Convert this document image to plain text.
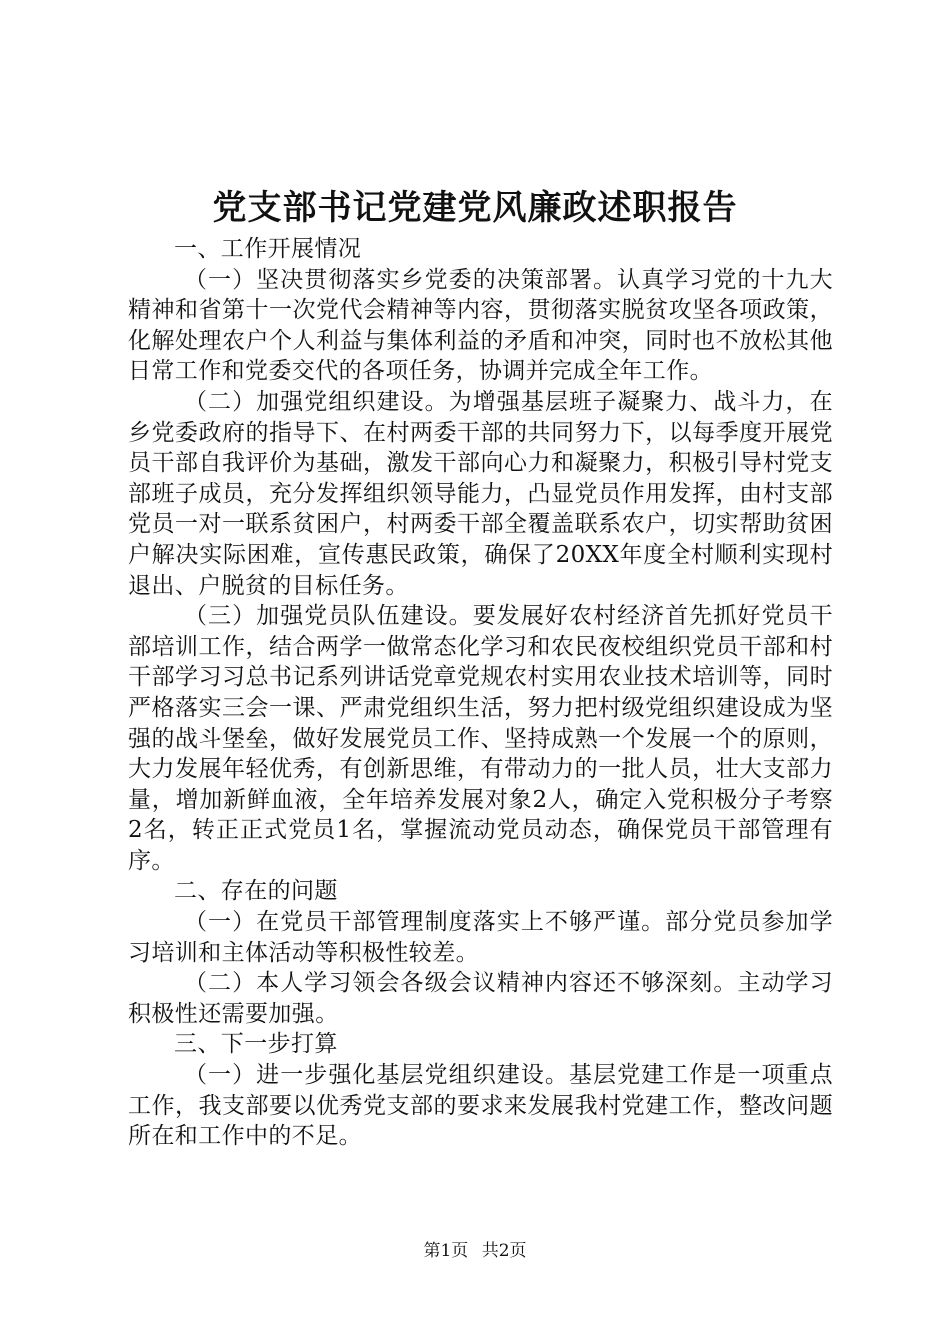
党支部书记党建党风廉政述职报告

一、工作开展情况

（一）坚决贯彻落实乡党委的决策部署。认真学习党的十九大精神和省第十一次党代会精神等内容，贯彻落实脱贫攻坚各项政策，化解处理农户个人利益与集体利益的矛盾和冲突，同时也不放松其他日常工作和党委交代的各项任务，协调并完成全年工作。

（二）加强党组织建设。为增强基层班子凝聚力、战斗力，在乡党委政府的指导下、在村两委干部的共同努力下，以每季度开展党员干部自我评价为基础，激发干部向心力和凝聚力，积极引导村党支部班子成员，充分发挥组织领导能力，凸显党员作用发挥，由村支部党员一对一联系贫困户，村两委干部全覆盖联系农户，切实帮助贫困户解决实际困难，宣传惠民政策，确保了20XX年度全村顺利实现村退出、户脱贫的目标任务。

（三）加强党员队伍建设。要发展好农村经济首先抓好党员干部培训工作，结合两学一做常态化学习和农民夜校组织党员干部和村干部学习习总书记系列讲话党章党规农村实用农业技术培训等，同时严格落实三会一课、严肃党组织生活，努力把村级党组织建设成为坚强的战斗堡垒，做好发展党员工作、坚持成熟一个发展一个的原则，大力发展年轻优秀，有创新思维，有带动力的一批人员，壮大支部力量，增加新鲜血液，全年培养发展对象2人，确定入党积极分子考察2名，转正正式党员1名，掌握流动党员动态，确保党员干部管理有序。

二、存在的问题

（一）在党员干部管理制度落实上不够严谨。部分党员参加学习培训和主体活动等积极性较差。

（二）本人学习领会各级会议精神内容还不够深刻。主动学习积极性还需要加强。

三、下一步打算

（一）进一步强化基层党组织建设。基层党建工作是一项重点工作，我支部要以优秀党支部的要求来发展我村党建工作，整改问题所在和工作中的不足。

第1页 共2页
